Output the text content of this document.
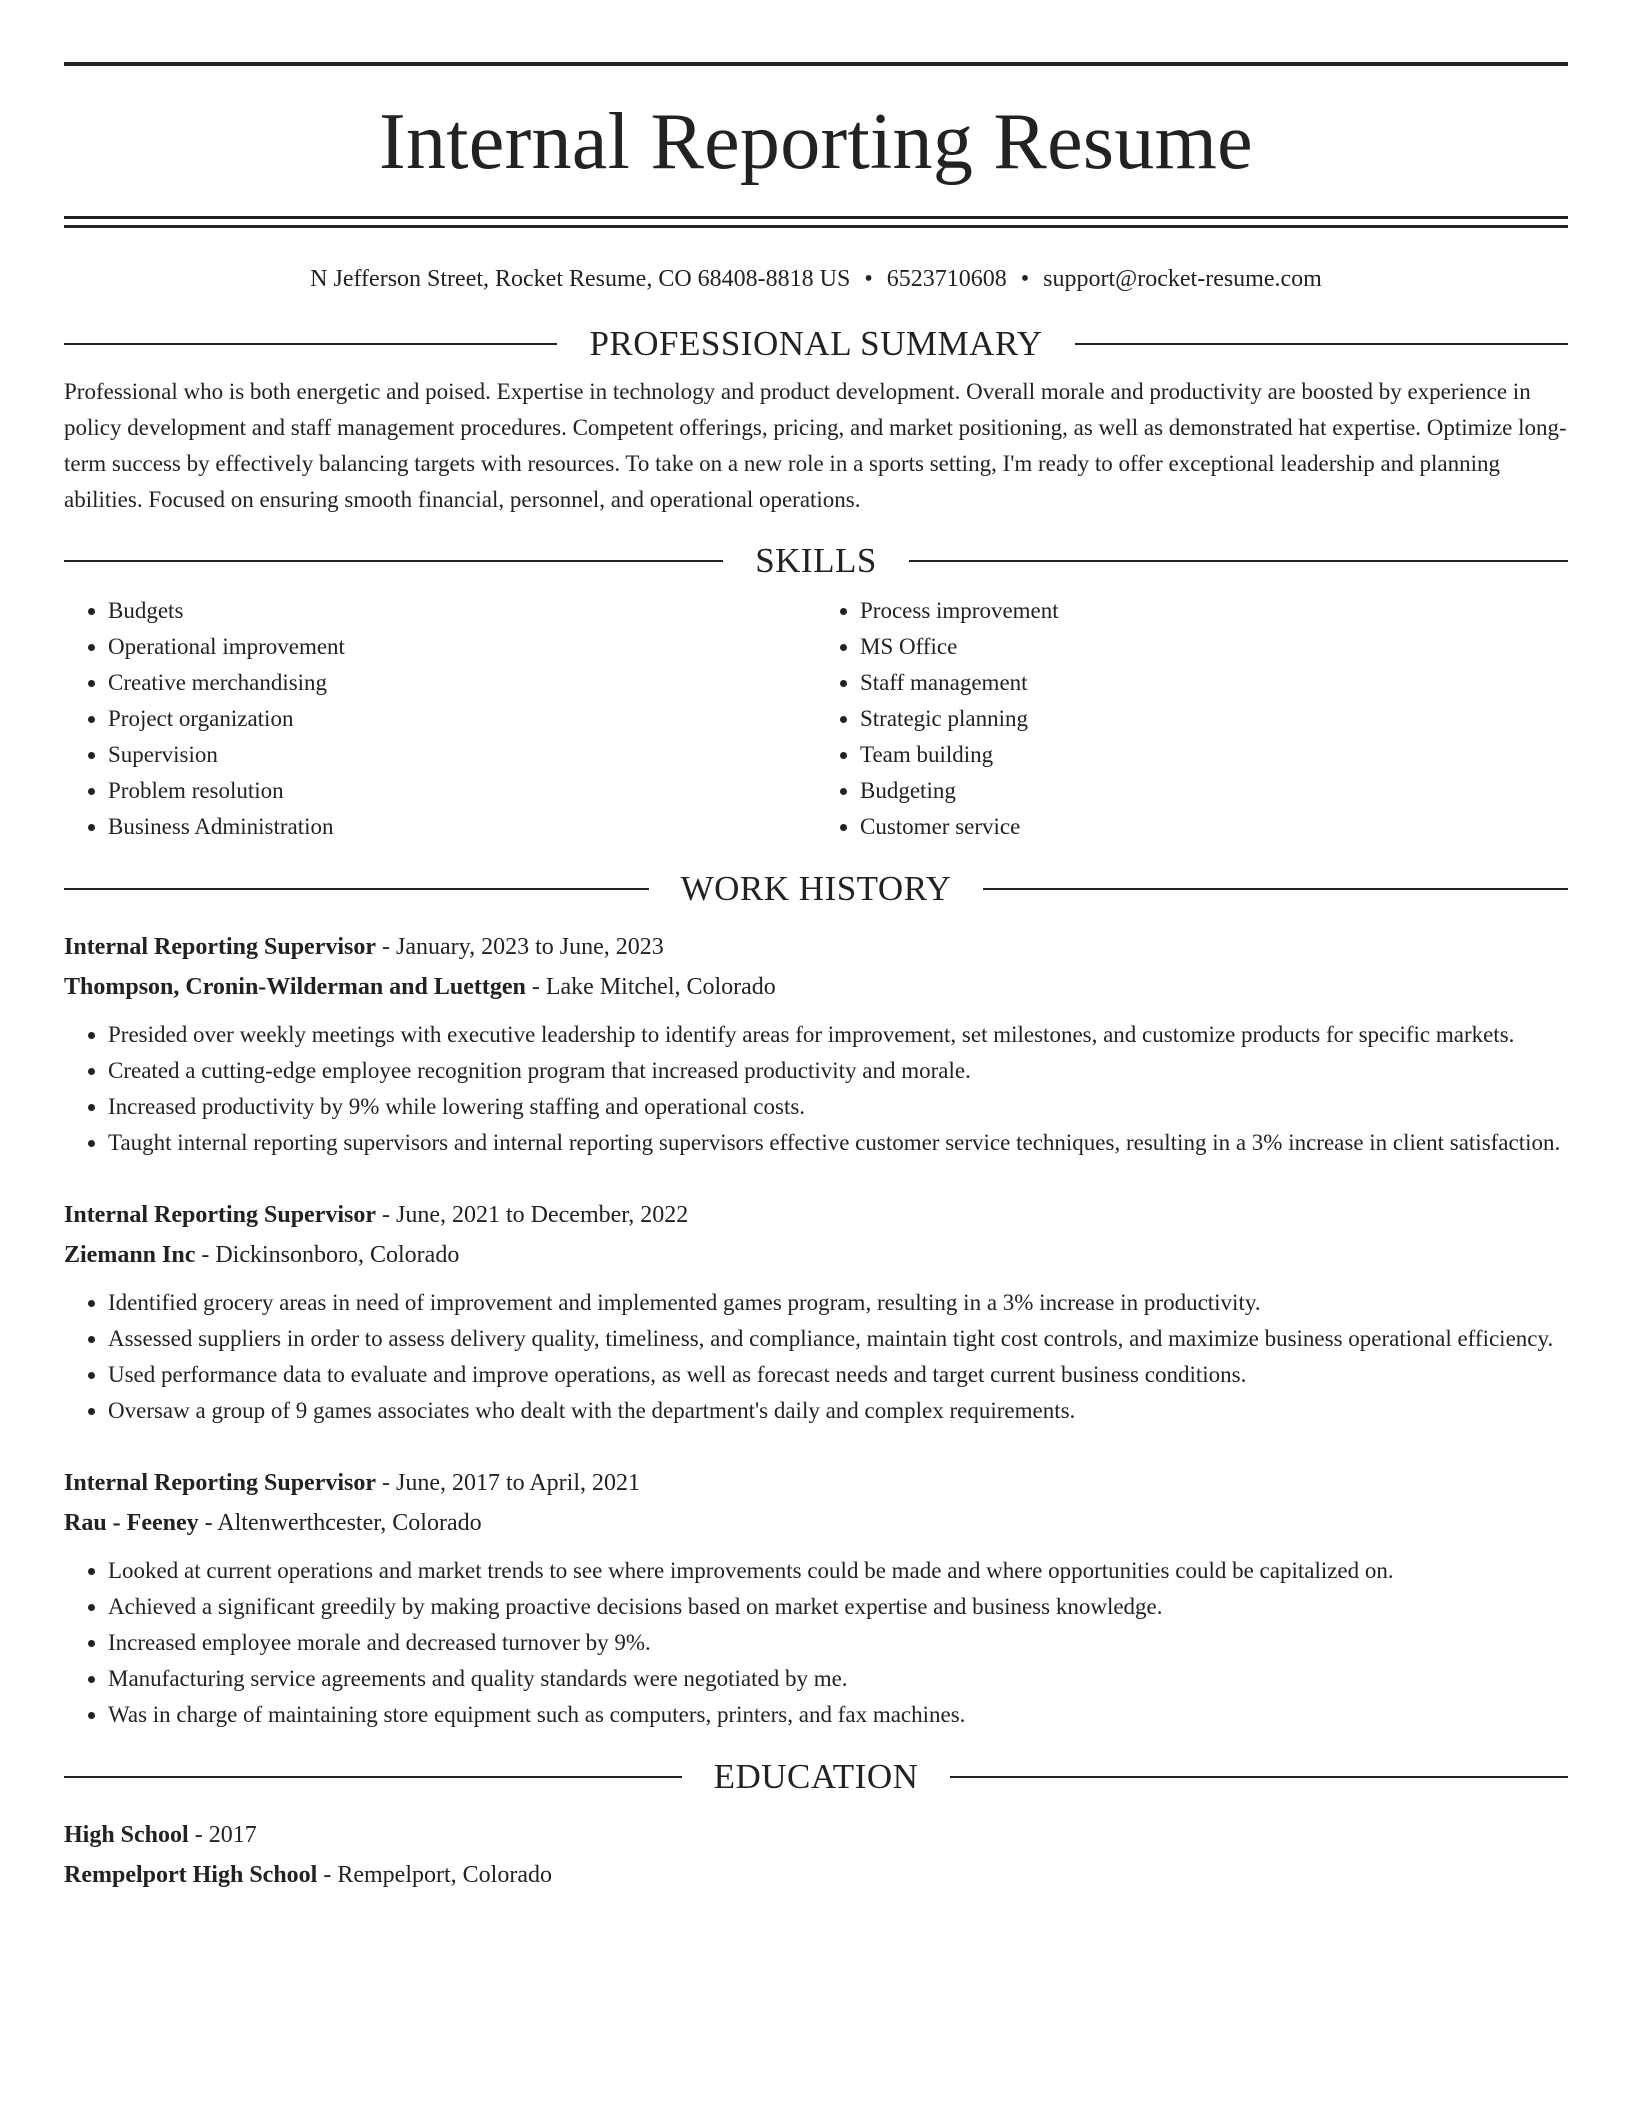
Internal Reporting Resume
N Jefferson Street, Rocket Resume, CO 68408-8818 US • 6523710608 • support@rocket-resume.com
PROFESSIONAL SUMMARY

Professional who is both energetic and poised. Expertise in technology and product development. Overall morale and productivity are boosted by experience in policy development and staff management procedures. Competent offerings, pricing, and market positioning, as well as demonstrated hat expertise. Optimize long-term success by effectively balancing targets with resources. To take on a new role in a sports setting, I'm ready to offer exceptional leadership and planning abilities. Focused on ensuring smooth financial, personnel, and operational operations.

SKILLS
• Budgets
• Operational improvement
• Creative merchandising
• Project organization
• Supervision
• Problem resolution
• Business Administration
• Process improvement
• MS Office
• Staff management
• Strategic planning
• Team building
• Budgeting
• Customer service
WORK HISTORY
Internal Reporting Supervisor - January, 2023 to June, 2023
Thompson, Cronin-Wilderman and Luettgen - Lake Mitchel, Colorado
• Presided over weekly meetings with executive leadership to identify areas for improvement, set milestones, and customize products for specific markets.
• Created a cutting-edge employee recognition program that increased productivity and morale.
• Increased productivity by 9% while lowering staffing and operational costs.
• Taught internal reporting supervisors and internal reporting supervisors effective customer service techniques, resulting in a 3% increase in client satisfaction.
Internal Reporting Supervisor - June, 2021 to December, 2022
Ziemann Inc - Dickinsonboro, Colorado
• Identified grocery areas in need of improvement and implemented games program, resulting in a 3% increase in productivity.
• Assessed suppliers in order to assess delivery quality, timeliness, and compliance, maintain tight cost controls, and maximize business operational efficiency.
• Used performance data to evaluate and improve operations, as well as forecast needs and target current business conditions.
• Oversaw a group of 9 games associates who dealt with the department's daily and complex requirements.
Internal Reporting Supervisor - June, 2017 to April, 2021
Rau - Feeney - Altenwerthcester, Colorado
• Looked at current operations and market trends to see where improvements could be made and where opportunities could be capitalized on.
• Achieved a significant greedily by making proactive decisions based on market expertise and business knowledge.
• Increased employee morale and decreased turnover by 9%.
• Manufacturing service agreements and quality standards were negotiated by me.
• Was in charge of maintaining store equipment such as computers, printers, and fax machines.
EDUCATION
High School - 2017
Rempelport High School - Rempelport, Colorado
